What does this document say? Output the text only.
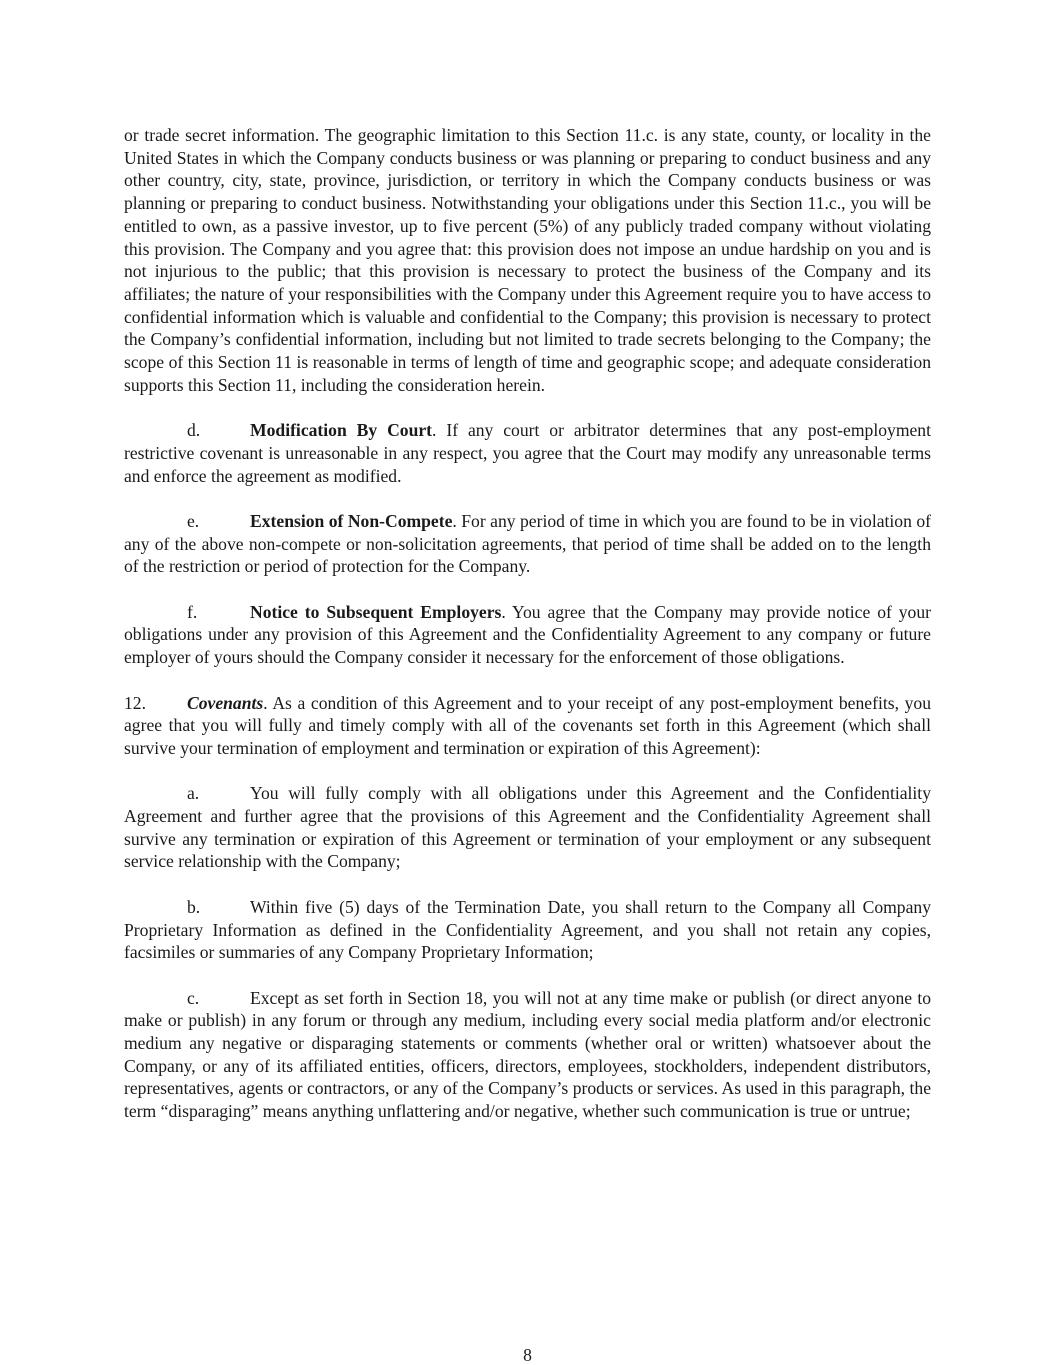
or trade secret information. The geographic limitation to this Section 11.c. is any state, county, or locality in the United States in which the Company conducts business or was planning or preparing to conduct business and any other country, city, state, province, jurisdiction, or territory in which the Company conducts business or was planning or preparing to conduct business. Notwithstanding your obligations under this Section 11.c., you will be entitled to own, as a passive investor, up to five percent (5%) of any publicly traded company without violating this provision. The Company and you agree that: this provision does not impose an undue hardship on you and is not injurious to the public; that this provision is necessary to protect the business of the Company and its affiliates; the nature of your responsibilities with the Company under this Agreement require you to have access to confidential information which is valuable and confidential to the Company; this provision is necessary to protect the Company’s confidential information, including but not limited to trade secrets belonging to the Company; the scope of this Section 11 is reasonable in terms of length of time and geographic scope; and adequate consideration supports this Section 11, including the consideration herein.

d.	Modification By Court. If any court or arbitrator determines that any post-employment restrictive covenant is unreasonable in any respect, you agree that the Court may modify any unreasonable terms and enforce the agreement as modified.

e.	Extension of Non-Compete. For any period of time in which you are found to be in violation of any of the above non-compete or non-solicitation agreements, that period of time shall be added on to the length of the restriction or period of protection for the Company.

f.	Notice to Subsequent Employers. You agree that the Company may provide notice of your obligations under any provision of this Agreement and the Confidentiality Agreement to any company or future employer of yours should the Company consider it necessary for the enforcement of those obligations.

12. Covenants. As a condition of this Agreement and to your receipt of any post-employment benefits, you agree that you will fully and timely comply with all of the covenants set forth in this Agreement (which shall survive your termination of employment and termination or expiration of this Agreement):

a.	You will fully comply with all obligations under this Agreement and the Confidentiality Agreement and further agree that the provisions of this Agreement and the Confidentiality Agreement shall survive any termination or expiration of this Agreement or termination of your employment or any subsequent service relationship with the Company;

b.	Within five (5) days of the Termination Date, you shall return to the Company all Company Proprietary Information as defined in the Confidentiality Agreement, and you shall not retain any copies, facsimiles or summaries of any Company Proprietary Information;

c.	Except as set forth in Section 18, you will not at any time make or publish (or direct anyone to make or publish) in any forum or through any medium, including every social media platform and/or electronic medium any negative or disparaging statements or comments (whether oral or written) whatsoever about the Company, or any of its affiliated entities, officers, directors, employees, stockholders, independent distributors, representatives, agents or contractors, or any of the Company’s products or services. As used in this paragraph, the term “disparaging” means anything unflattering and/or negative, whether such communication is true or untrue;

8
